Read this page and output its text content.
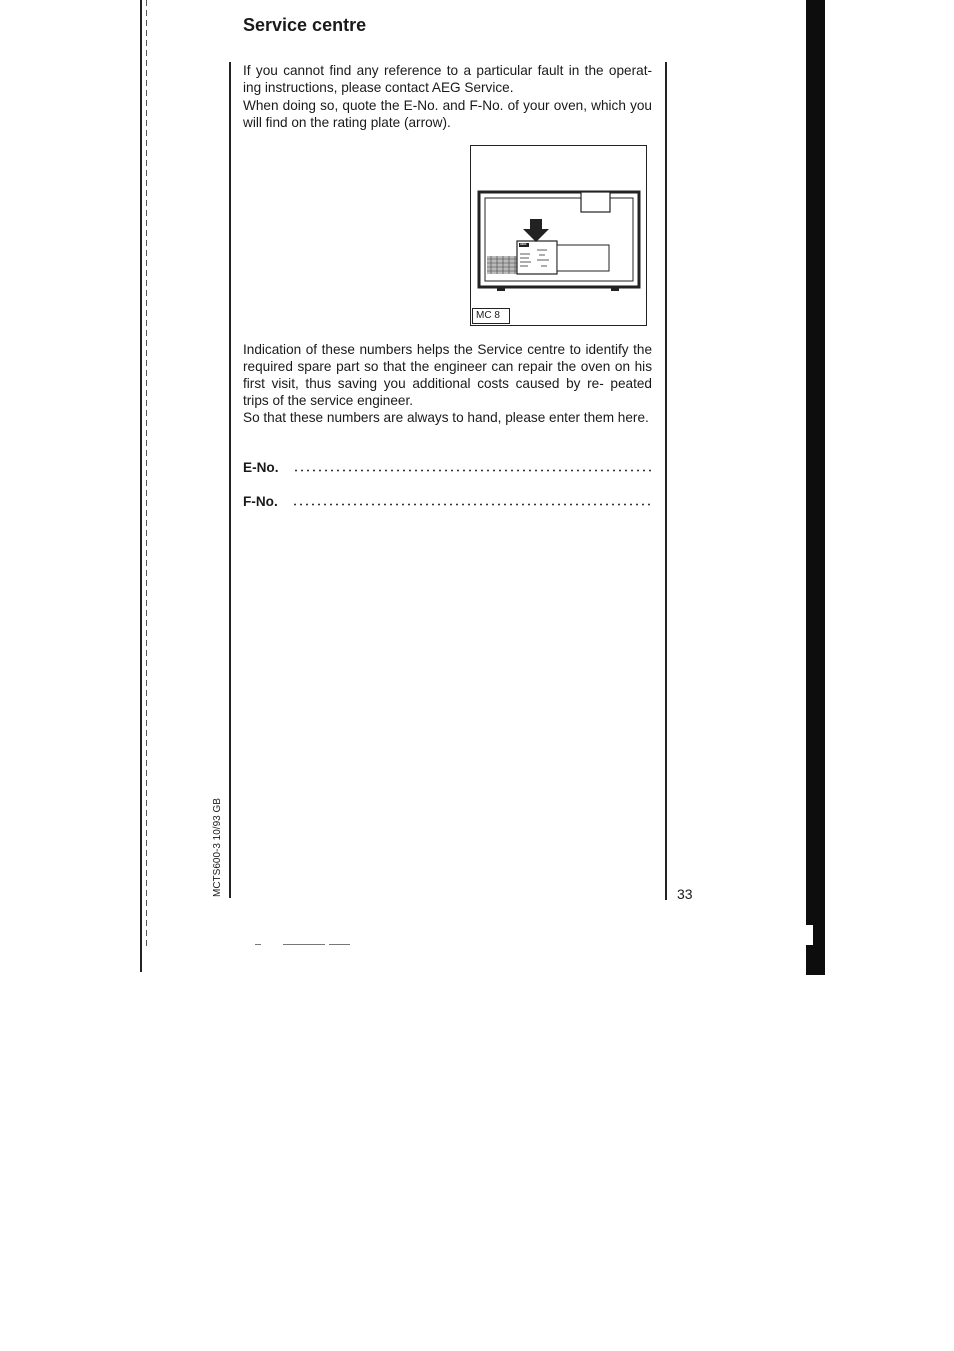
Service centre

If you cannot find any reference to a particular fault in the operat- ing instructions, please contact AEG Service.

When doing so, quote the E-No. and F-No. of your oven, which you will find on the rating plate (arrow).

AEG
MC 8

Indication of these numbers helps the Service centre to identify the required spare part so that the engineer can repair the oven on his first visit, thus saving you additional costs caused by re- peated trips of the service engineer.

So that these numbers are always to hand, please enter them here.

E-No.
F-No.
MCTS600-3 10/93 GB	33
